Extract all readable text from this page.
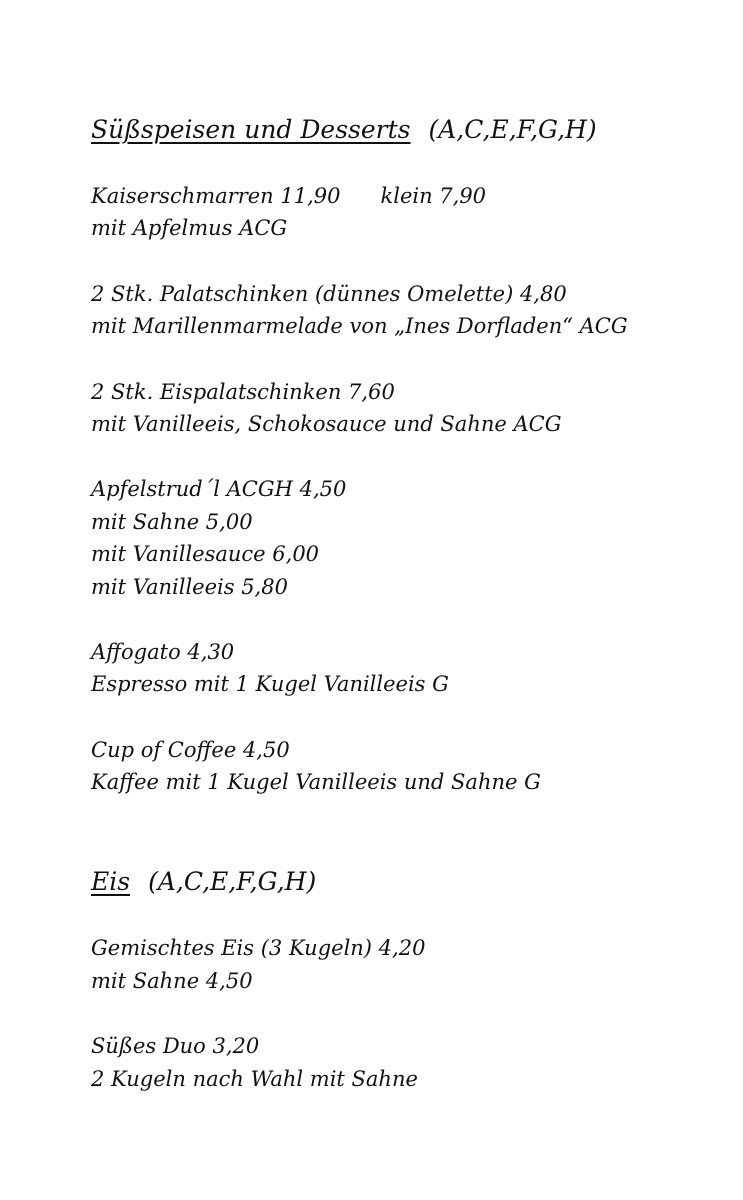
Süßspeisen und Desserts (A,C,E,F,G,H)
Kaiserschmarren 11,90 klein 7,90
mit Apfelmus ACG
2 Stk. Palatschinken (dünnes Omelette) 4,80
mit Marillenmarmelade von „Ines Dorfladen“ ACG
2 Stk. Eispalatschinken 7,60
mit Vanilleeis, Schokosauce und Sahne ACG
Apfelstrud´l ACGH 4,50
mit Sahne 5,00
mit Vanillesauce 6,00
mit Vanilleeis 5,80
Affogato 4,30
Espresso mit 1 Kugel Vanilleeis G
Cup of Coffee 4,50
Kaffee mit 1 Kugel Vanilleeis und Sahne G
Eis (A,C,E,F,G,H)
Gemischtes Eis (3 Kugeln) 4,20
mit Sahne 4,50
Süßes Duo 3,20
2 Kugeln nach Wahl mit Sahne
